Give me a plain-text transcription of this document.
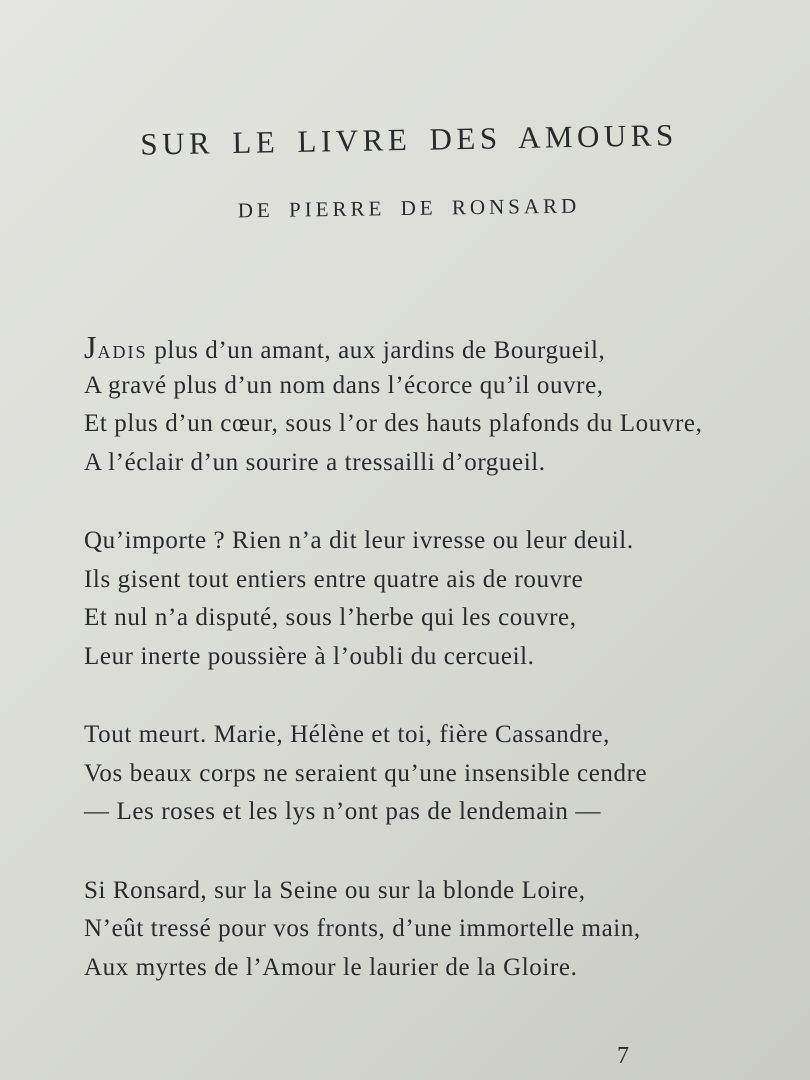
SUR LE LIVRE DES AMOURS
DE PIERRE DE RONSARD
JADIS plus d’un amant, aux jardins de Bourgueil,
A gravé plus d’un nom dans l’écorce qu’il ouvre,
Et plus d’un cœur, sous l’or des hauts plafonds du Louvre,
A l’éclair d’un sourire a tressailli d’orgueil.
Qu’importe ? Rien n’a dit leur ivresse ou leur deuil.
Ils gisent tout entiers entre quatre ais de rouvre
Et nul n’a disputé, sous l’herbe qui les couvre,
Leur inerte poussière à l’oubli du cercueil.
Tout meurt. Marie, Hélène et toi, fière Cassandre,
Vos beaux corps ne seraient qu’une insensible cendre
— Les roses et les lys n’ont pas de lendemain —
Si Ronsard, sur la Seine ou sur la blonde Loire,
N’eût tressé pour vos fronts, d’une immortelle main,
Aux myrtes de l’Amour le laurier de la Gloire.
7
